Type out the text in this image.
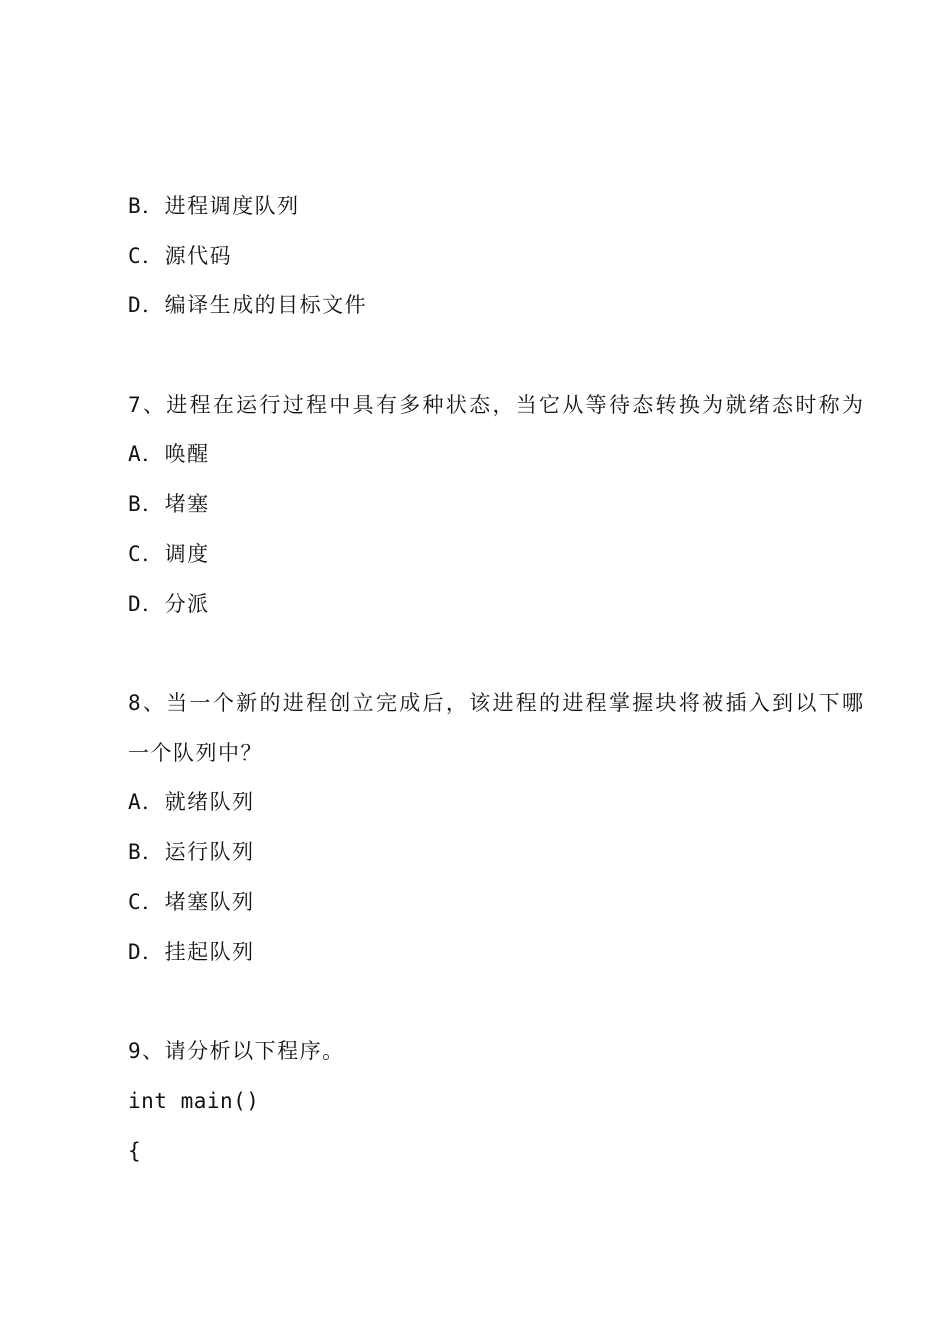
B．进程调度队列
C．源代码
D．编译生成的目标文件
7、进程在运行过程中具有多种状态，当它从等待态转换为就绪态时称为
A．唤醒
B．堵塞
C．调度
D．分派
8、当一个新的进程创立完成后，该进程的进程掌握块将被插入到以下哪
一个队列中？
A．就绪队列
B．运行队列
C．堵塞队列
D．挂起队列
9、请分析以下程序。
int main()
{
